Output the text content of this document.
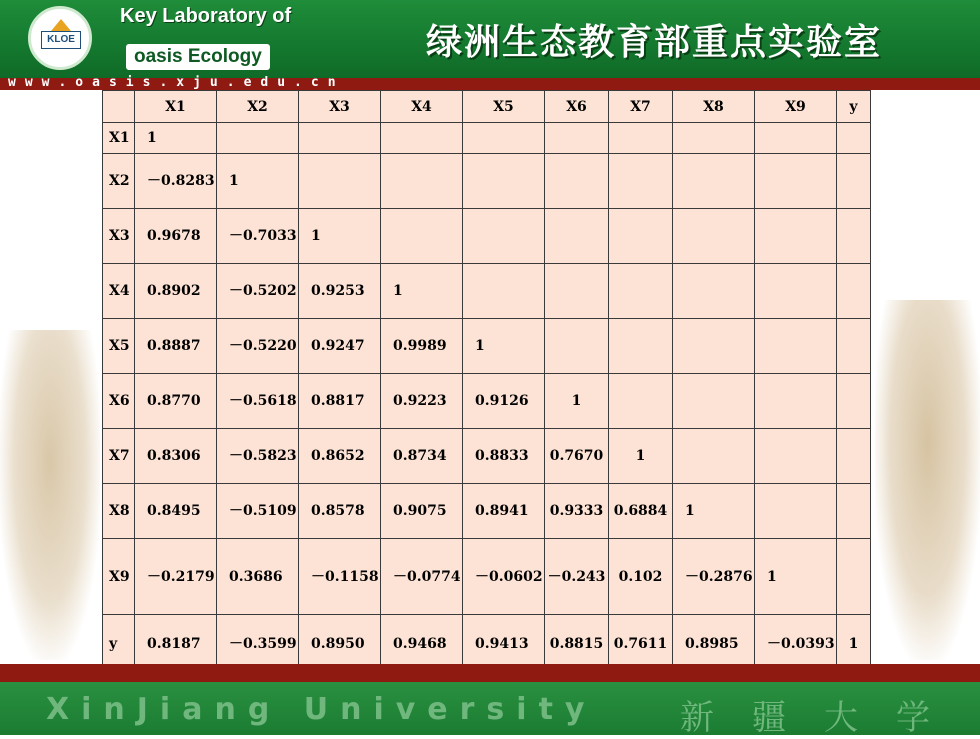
KLOE
Key Laboratory of
oasis Ecology	绿洲生态教育部重点实验室
www.oasis.xju.edu.cn
	X1	X2	X3	X4	X5	X6	X7	X8	X9	y
X1	1									
X2	－0.8283	1								
X3	0.9678	－0.7033	1							
X4	0.8902	－0.5202	0.9253	1						
X5	0.8887	－0.5220	0.9247	0.9989	1					
X6	0.8770	－0.5618	0.8817	0.9223	0.9126	1				
X7	0.8306	－0.5823	0.8652	0.8734	0.8833	0.7670	1			
X8	0.8495	－0.5109	0.8578	0.9075	0.8941	0.9333	0.6884	1		
X9	－0.2179	0.3686	－0.1158	－0.0774	－0.0602	－0.243	0.102	－0.2876	1	
y	0.8187	－0.3599	0.8950	0.9468	0.9413	0.8815	0.7611	0.8985	－0.0393	1
XinJiang University 新疆大学
